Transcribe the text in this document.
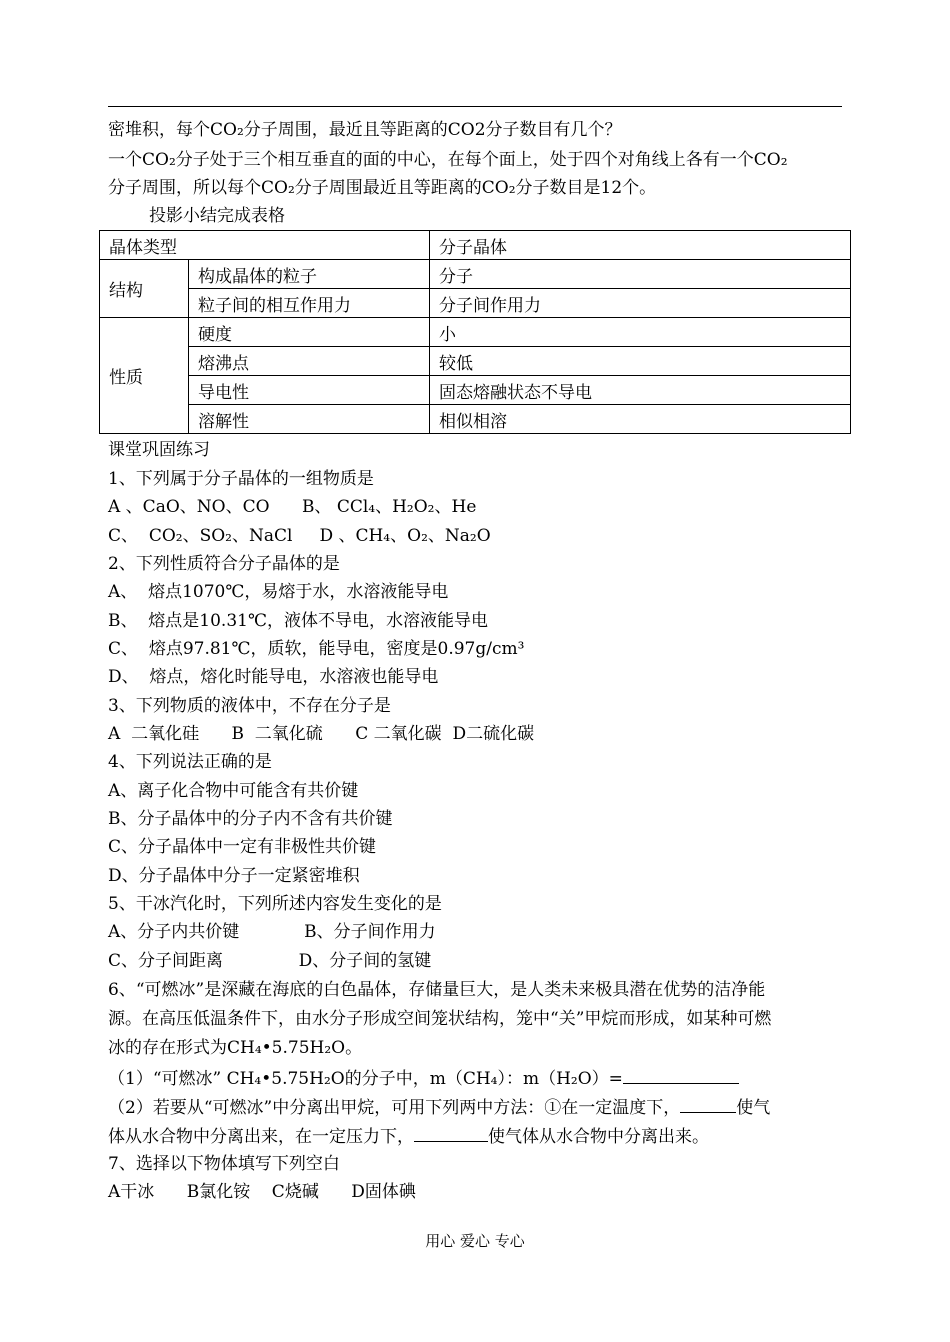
密堆积，每个CO₂分子周围，最近且等距离的CO2分子数目有几个？
一个CO₂分子处于三个相互垂直的面的中心，在每个面上，处于四个对角线上各有一个CO₂
分子周围，所以每个CO₂分子周围最近且等距离的CO₂分子数目是12个。
投影小结完成表格
晶体类型		分子晶体
结构	构成晶体的粒子	分子
	粒子间的相互作用力	分子间作用力
性质	硬度	小
	熔沸点	较低
	导电性	固态熔融状态不导电
	溶解性	相似相溶
课堂巩固练习
1、下列属于分子晶体的一组物质是
A 、CaO、NO、CO      B、 CCl₄、H₂O₂、He
C、  CO₂、SO₂、NaCl     D 、CH₄、O₂、Na₂O
2、下列性质符合分子晶体的是
A、  熔点1070℃，易熔于水，水溶液能导电
B、  熔点是10.31℃，液体不导电，水溶液能导电
C、  熔点97.81℃，质软，能导电，密度是0.97g/cm³
D、  熔点，熔化时能导电，水溶液也能导电
3、下列物质的液体中，不存在分子是
A  二氧化硅      B  二氧化硫      C 二氧化碳  D二硫化碳
4、下列说法正确的是
A、离子化合物中可能含有共价键
B、分子晶体中的分子内不含有共价键
C、分子晶体中一定有非极性共价键
D、分子晶体中分子一定紧密堆积
5、干冰汽化时，下列所述内容发生变化的是
A、分子内共价键            B、分子间作用力
C、分子间距离              D、分子间的氢键
6、“可燃冰”是深藏在海底的白色晶体，存储量巨大，是人类未来极具潜在优势的洁净能
源。在高压低温条件下，由水分子形成空间笼状结构，笼中“关”甲烷而形成，如某种可燃
冰的存在形式为CH₄•5.75H₂O。
（1）“可燃冰” CH₄•5.75H₂O的分子中，m（CH₄）：m（H₂O）=
（2）若要从“可燃冰”中分离出甲烷，可用下列两中方法：①在一定温度下，	使气
体从水合物中分离出来，在一定压力下，	使气体从水合物中分离出来。
7、选择以下物体填写下列空白
A干冰      B氯化铵    C烧碱      D固体碘
用心 爱心 专心
